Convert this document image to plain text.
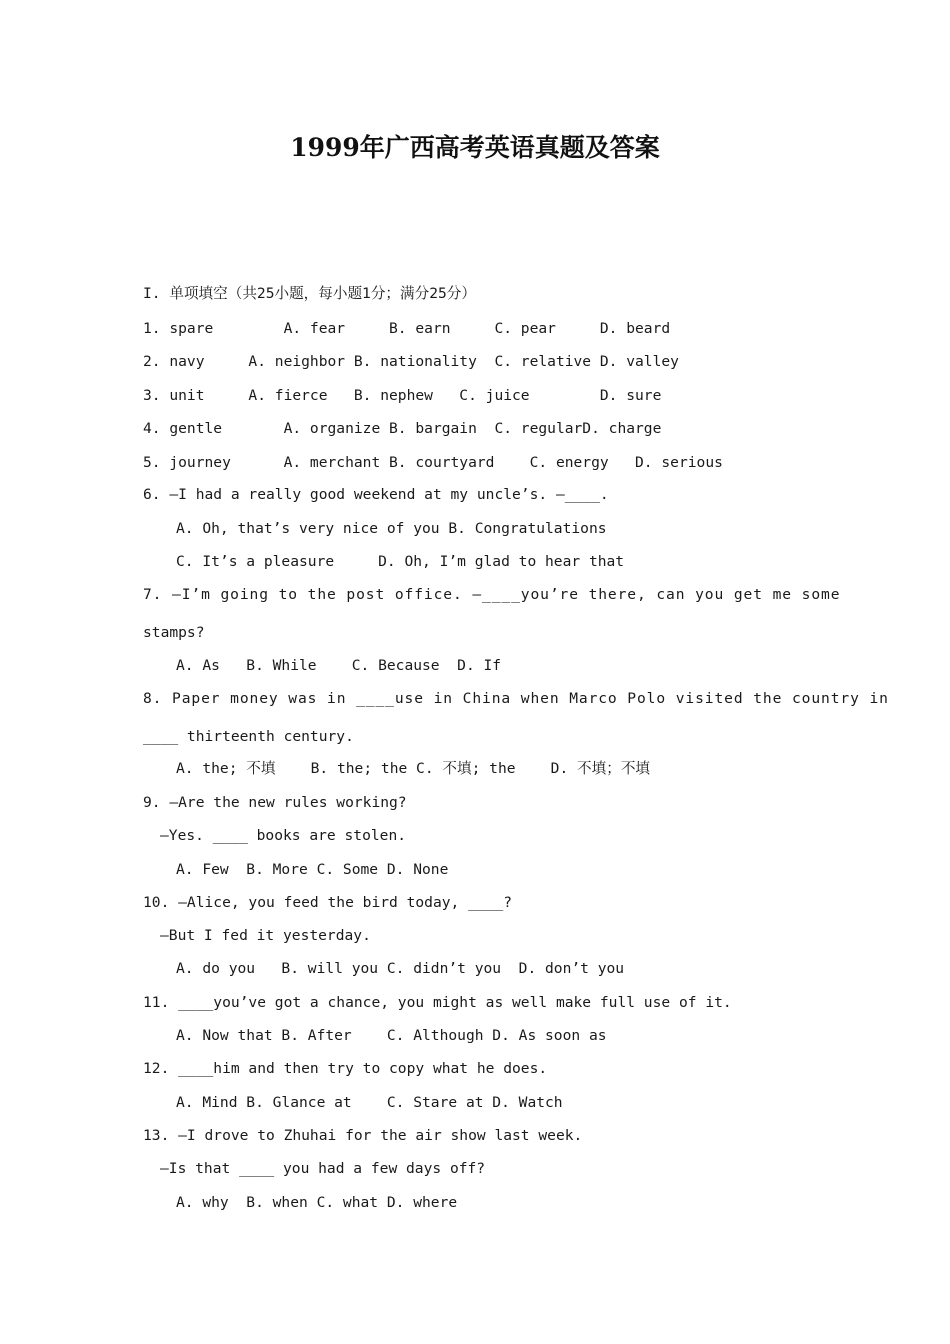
1999年广西高考英语真题及答案
I. 单项填空（共25小题，每小题1分；满分25分）
1. spare        A. fear     B. earn     C. pear     D. beard
2. navy     A. neighbor B. nationality  C. relative D. valley
3. unit     A. fierce   B. nephew   C. juice        D. sure
4. gentle       A. organize B. bargain  C. regularD. charge
5. journey      A. merchant B. courtyard    C. energy   D. serious
6. —I had a really good weekend at my uncle’s. —____.
A. Oh, that’s very nice of you B. Congratulations
C. It’s a pleasure     D. Oh, I’m glad to hear that
7. —I’m going to the post office. —____you’re there, can you get me some
stamps?
A. As   B. While    C. Because  D. If
8. Paper money was in ____use in China when Marco Polo visited the country in
____ thirteenth century.
A. the; 不填    B. the; the C. 不填; the    D. 不填；不填
9. —Are the new rules working?
—Yes. ____ books are stolen.
A. Few  B. More C. Some D. None
10. —Alice, you feed the bird today, ____?
—But I fed it yesterday.
A. do you   B. will you C. didn’t you  D. don’t you
11. ____you’ve got a chance, you might as well make full use of it.
A. Now that B. After    C. Although D. As soon as
12. ____him and then try to copy what he does.
A. Mind B. Glance at    C. Stare at D. Watch
13. —I drove to Zhuhai for the air show last week.
—Is that ____ you had a few days off?
A. why  B. when C. what D. where
